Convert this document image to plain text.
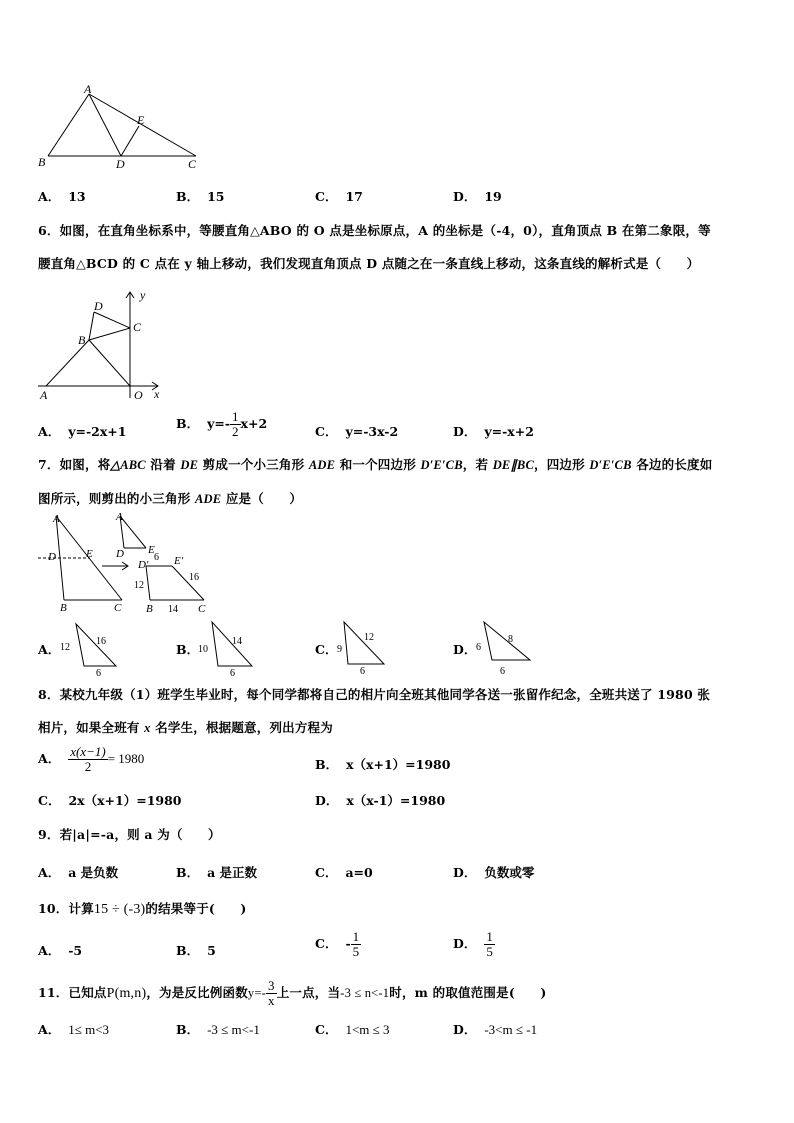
A
B	C
D
E
A． 13	B． 15	C． 17	D． 19
6．如图，在直角坐标系中，等腰直角△ABO 的 O 点是坐标原点，A 的坐标是（-4，0），直角顶点 B 在第二象限，等
腰直角△BCD 的 C 点在 y 轴上移动，我们发现直角顶点 D 点随之在一条直线上移动，这条直线的解析式是（　　）
A
B
C
D
O x
y
A． y=-2x+1
B． $y=- \frac{1}{2} x+2$
C． y=-3x-2	D． y=-x+2
7．如图，将△ABC 沿着 DE 剪成一个小三角形 ADE 和一个四边形 D′E′CB，若 DE∥BC，四边形 D′E′CB 各边的长度如
图所示，则剪出的小三角形 ADE 应是（　　）
A
D	E
B	C
A
D E
D′ E′
6
12
16
14
B	C
A． 12
16
6
B．
10
14
6
C． 9
12
6
D． 6
8
6
8．某校九年级（1）班学生毕业时，每个同学都将自己的相片向全班其他同学各送一张留作纪念，全班共送了 1980 张
相片，如果全班有 x 名学生，根据题意，列出方程为
A． $\frac{x(x-1)}{2} = 1980$	B． x（x+1）=1980
C． 2x（x+1）=1980	D． x（x-1）=1980
9．若|a|=-a，则 a 为（　　）
A． a 是负数	B． a 是正数	C． a=0	D． 负数或零
10．计算15 ÷ (-3)的结果等于(　　)
A． -5	B． 5	C． - $\frac{1}{5}$	D． $\frac{1}{5}$
11．已知点P(m,n)，为是反比例函数$y=- \frac{3}{x}$ 上一点，当-3 ≤ n<-1时，m 的取值范围是(　　)
A． 1≤ m<3	B． -3 ≤ m<-1	C． 1<m ≤ 3	D． -3<m ≤ -1
